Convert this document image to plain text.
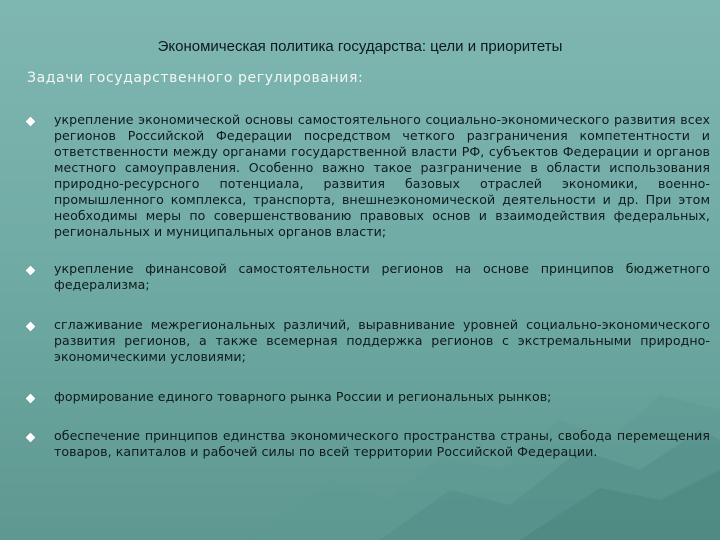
Экономическая политика государства: цели и приоритеты
Задачи государственного регулирования:
укрепление экономической основы самостоятельного социально-экономического развития всех регионов Российской Федерации посредством четкого разграничения компетентности и ответственности между органами государственной власти РФ, субъектов Федерации и органов местного самоуправления. Особенно важно такое разграничение в области использования природно-ресурсного потенциала, развития базовых отраслей экономики, военно-промышленного комплекса, транспорта, внешнеэкономической деятельности и др. При этом необходимы меры по совершенствованию правовых основ и взаимодействия федеральных, региональных и муниципальных органов власти;
укрепление финансовой самостоятельности регионов на основе принципов бюджетного федерализма;
сглаживание межрегиональных различий, выравнивание уровней социально-экономического развития регионов, а также всемерная поддержка регионов с экстремальными природно-экономическими условиями;
формирование единого товарного рынка России и региональных рынков;
обеспечение принципов единства экономического пространства страны, свобода перемещения товаров, капиталов и рабочей силы по всей территории Российской Федерации.
